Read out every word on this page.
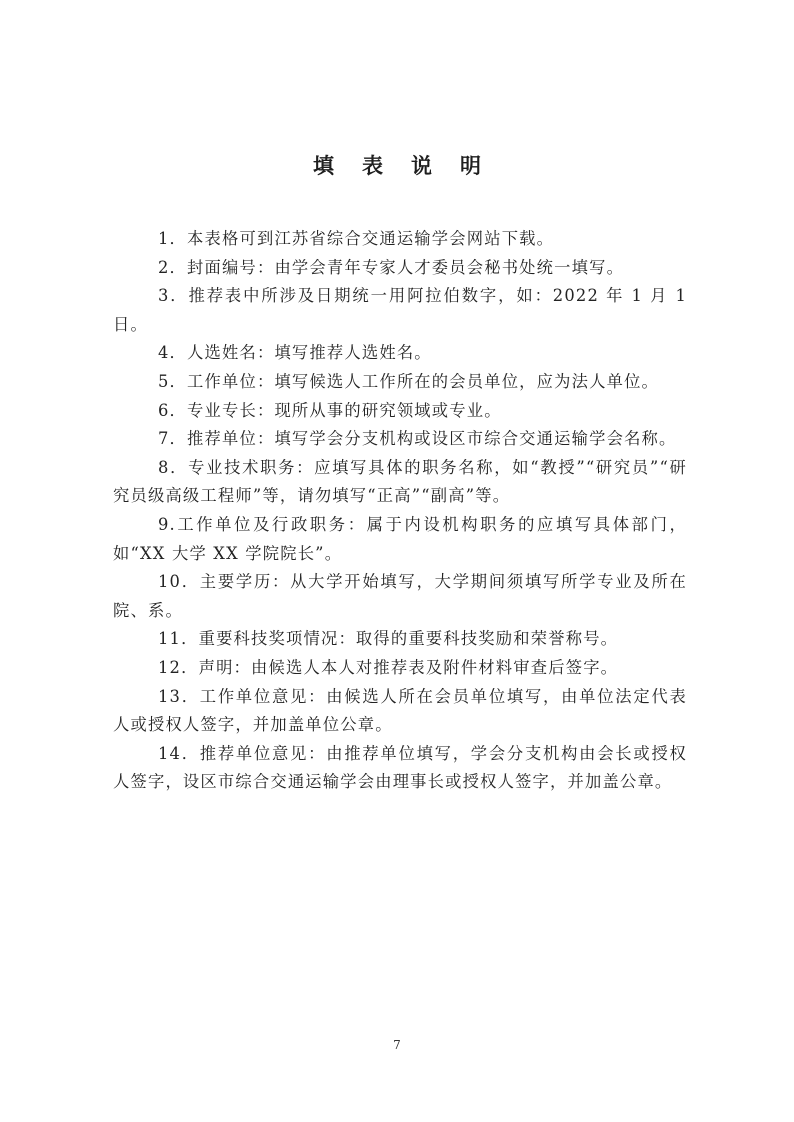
填表说明
1．本表格可到江苏省综合交通运输学会网站下载。
2．封面编号：由学会青年专家人才委员会秘书处统一填写。
3．推荐表中所涉及日期统一用阿拉伯数字，如：2022 年 1 月 1 日。
4．人选姓名：填写推荐人选姓名。
5．工作单位：填写候选人工作所在的会员单位，应为法人单位。
6．专业专长：现所从事的研究领域或专业。
7．推荐单位：填写学会分支机构或设区市综合交通运输学会名称。
8．专业技术职务：应填写具体的职务名称，如“教授”“研究员”“研究员级高级工程师”等，请勿填写“正高”“副高”等。
9.工作单位及行政职务：属于内设机构职务的应填写具体部门，如“XX 大学 XX 学院院长”。
10．主要学历：从大学开始填写，大学期间须填写所学专业及所在院、系。
11．重要科技奖项情况：取得的重要科技奖励和荣誉称号。
12．声明：由候选人本人对推荐表及附件材料审查后签字。
13．工作单位意见：由候选人所在会员单位填写，由单位法定代表人或授权人签字，并加盖单位公章。
14．推荐单位意见：由推荐单位填写，学会分支机构由会长或授权人签字，设区市综合交通运输学会由理事长或授权人签字，并加盖公章。
7
